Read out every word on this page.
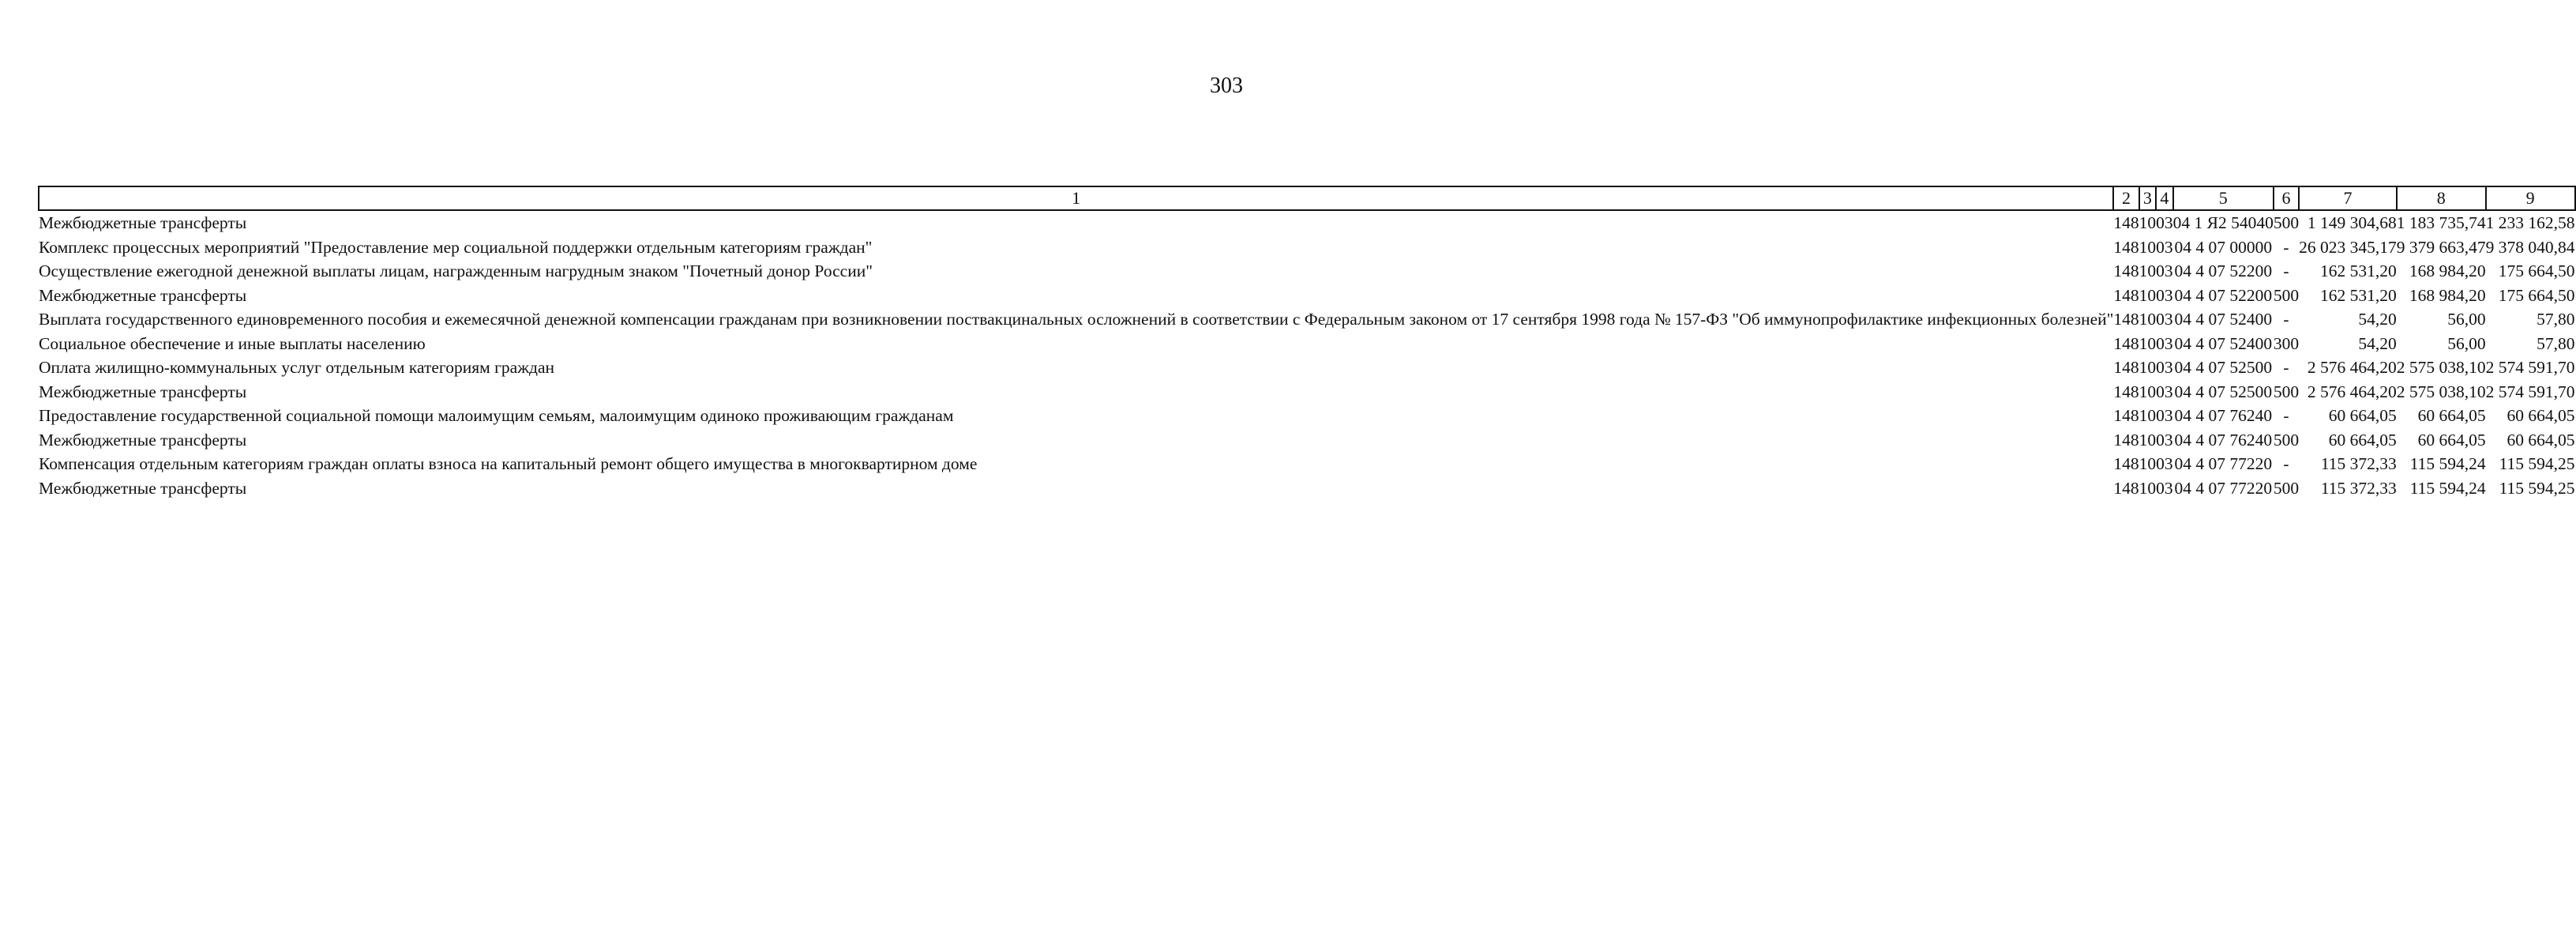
303
1	2	3	4	5	6	7	8	9
Межбюджетные трансферты	148	10	03	04 1 Я2 54040	500	1 149 304,68	1 183 735,74	1 233 162,58
Комплекс процессных мероприятий "Предоставление мер социальной поддержки отдельным категориям граждан"	148	10	03	04 4 07 00000	-	26 023 345,17	9 379 663,47	9 378 040,84
Осуществление ежегодной денежной выплаты лицам, награжденным нагрудным знаком "Почетный донор России"	148	10	03	04 4 07 52200	-	162 531,20	168 984,20	175 664,50
Межбюджетные трансферты	148	10	03	04 4 07 52200	500	162 531,20	168 984,20	175 664,50
Выплата государственного единовременного пособия и ежемесячной денежной компенсации гражданам при возникновении поствакцинальных осложнений в соответствии с Федеральным законом от 17 сентября 1998 года № 157-ФЗ "Об иммунопрофилактике инфекционных болезней"	148	10	03	04 4 07 52400	-	54,20	56,00	57,80
Социальное обеспечение и иные выплаты населению	148	10	03	04 4 07 52400	300	54,20	56,00	57,80
Оплата жилищно-коммунальных услуг отдельным категориям граждан	148	10	03	04 4 07 52500	-	2 576 464,20	2 575 038,10	2 574 591,70
Межбюджетные трансферты	148	10	03	04 4 07 52500	500	2 576 464,20	2 575 038,10	2 574 591,70
Предоставление государственной социальной помощи малоимущим семьям, малоимущим одиноко проживающим гражданам	148	10	03	04 4 07 76240	-	60 664,05	60 664,05	60 664,05
Межбюджетные трансферты	148	10	03	04 4 07 76240	500	60 664,05	60 664,05	60 664,05
Компенсация отдельным категориям граждан оплаты взноса на капитальный ремонт общего имущества в многоквартирном доме	148	10	03	04 4 07 77220	-	115 372,33	115 594,24	115 594,25
Межбюджетные трансферты	148	10	03	04 4 07 77220	500	115 372,33	115 594,24	115 594,25
